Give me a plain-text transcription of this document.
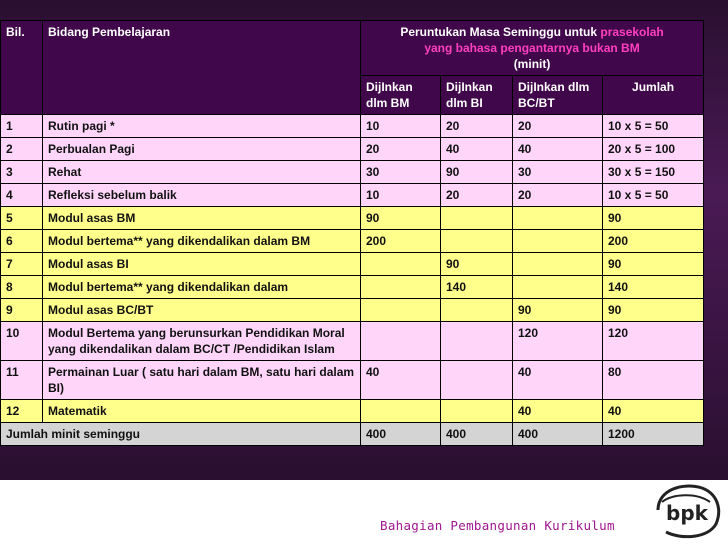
Bil.	Bidang Pembelajaran	Peruntukan Masa Seminggu untuk prasekolah
yang bahasa pengantarnya bukan BM
(minit)			
		DijInkan dlm BM	DijInkan dlm BI	DijInkan dlm BC/BT	Jumlah
1	Rutin pagi *	10	20	20	10 x 5 = 50
2	Perbualan Pagi	20	40	40	20 x 5 = 100
3	Rehat	30	90	30	30 x 5 = 150
4	Refleksi sebelum balik	10	20	20	10 x 5 = 50
5	Modul asas BM	90			90
6	Modul bertema** yang dikendalikan dalam BM	200			200
7	Modul asas BI		90		90
8	Modul bertema** yang dikendalikan dalam		140		140
9	Modul asas BC/BT			90	90
10	Modul Bertema yang berunsurkan Pendidikan Moral yang dikendalikan dalam BC/CT /Pendidikan Islam			120	120
11	Permainan Luar ( satu hari dalam BM, satu hari dalam BI)	40		40	80
12	Matematik			40	40
Jumlah minit seminggu		400	400	400	1200
Bahagian Pembangunan Kurikulum
bpk
